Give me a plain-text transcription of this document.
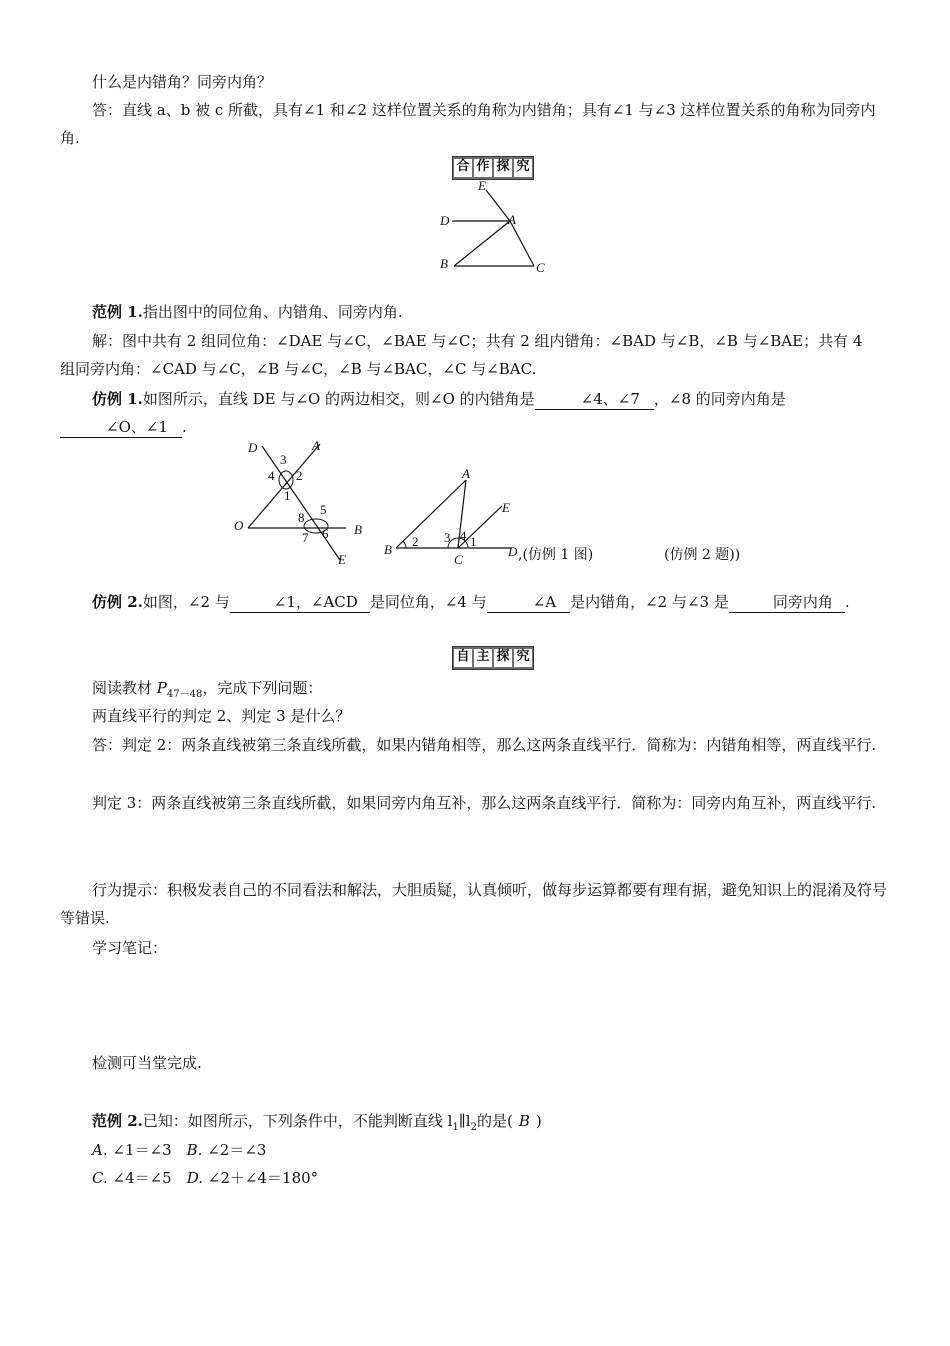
什么是内错角？同旁内角？

答：直线 a、b 被 c 所截，具有∠1 和∠2 这样位置关系的角称为内错角；具有∠1 与∠3 这样位置关系的角称为同旁内角.

合 作 探 究
E
D	A
B	C

范例 1.指出图中的同位角、内错角、同旁内角.

解：图中共有 2 组同位角：∠DAE 与∠C，∠BAE 与∠C；共有 2 组内错角：∠BAD 与∠B，∠B 与∠BAE；共有 4

组同旁内角：∠CAD 与∠C，∠B 与∠C，∠B 与∠BAC，∠C 与∠BAC.

仿例 1.如图所示，直线 DE 与∠O 的两边相交，则∠O 的内错角是	∠4、∠7 ，∠8 的同旁内角是∠O、∠1 .

D	A
3
4 2
1
O
8
5
7 6 B
E
A
E
B
2 3 4 1
C
D ,(仿例 1 图)	(仿例 2 题))

仿例 2.如图，∠2 与	∠1，∠ACD 是同位角，∠4 与	∠A 是内错角，∠2 与∠3 是	同旁内角 .

自 主 探 究

阅读教材 $P_{47-48}$，完成下列问题：

两直线平行的判定 2、判定 3 是什么？

答：判定 2：两条直线被第三条直线所截，如果内错角相等，那么这两条直线平行．简称为：内错角相等，两直线平行.

判定 3：两条直线被第三条直线所截，如果同旁内角互补，那么这两条直线平行．简称为：同旁内角互补，两直线平行.

行为提示：积极发表自己的不同看法和解法，大胆质疑，认真倾听，做每步运算都要有理有据，避免知识上的混淆及符号等错误.

学习笔记：

检测可当堂完成.

范例 2.已知：如图所示，下列条件中，不能判断直线 $l_1\parallel l_2$的是( B )

A. ∠1＝∠3　 B. ∠2＝∠3

C. ∠4＝∠5　 D. ∠2＋∠4＝180°
